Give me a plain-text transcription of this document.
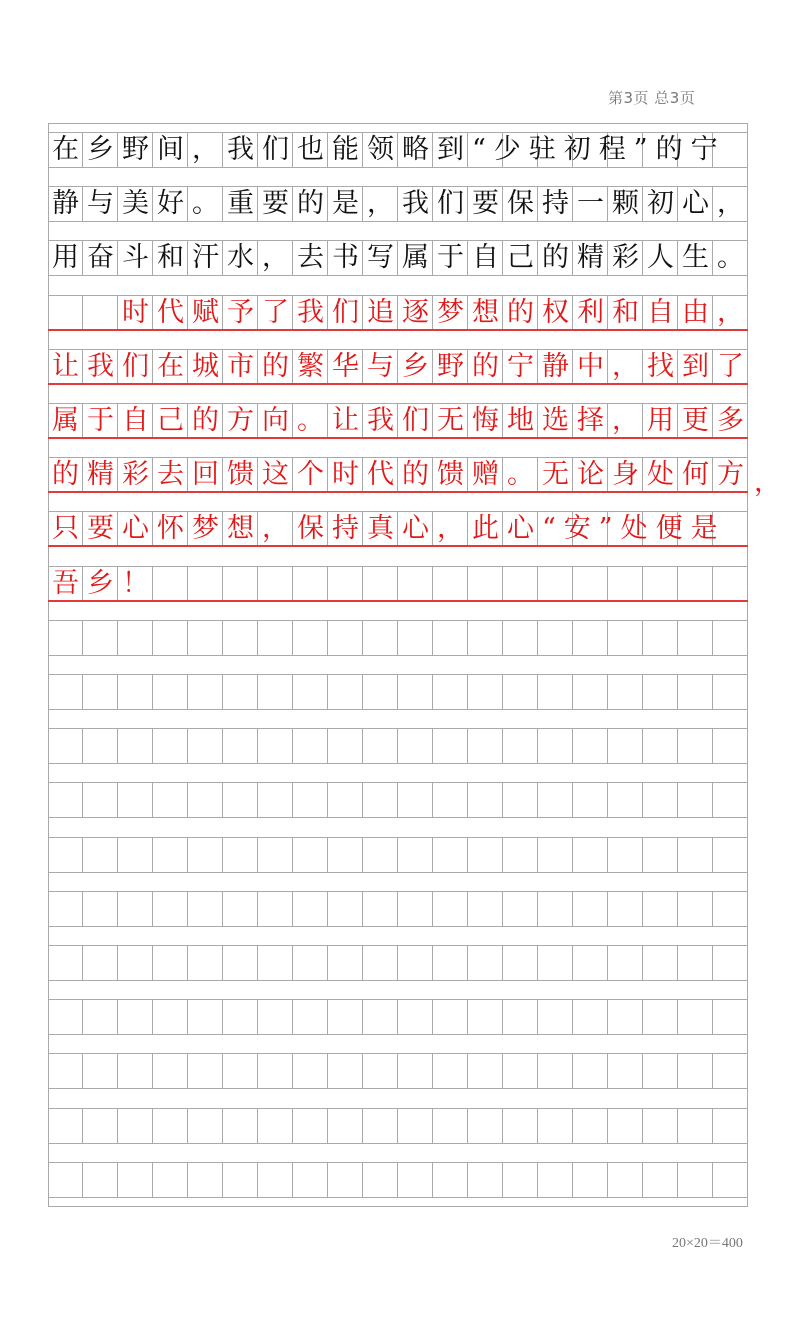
第3页 总3页
在乡野间，我们也能领略到“少驻初程”的宁
静与美好。重要的是，我们要保持一颗初心，
用奋斗和汗水，去书写属于自己的精彩人生。
时代赋予了我们追逐梦想的权利和自由，
让我们在城市的繁华与乡野的宁静中，找到了
属于自己的方向。让我们无悔地选择，用更多
的精彩去回馈这个时代的馈赠。无论身处何方 ，
只要心怀梦想，保持真心，此心“安”处便是
吾乡！
20×20＝400
